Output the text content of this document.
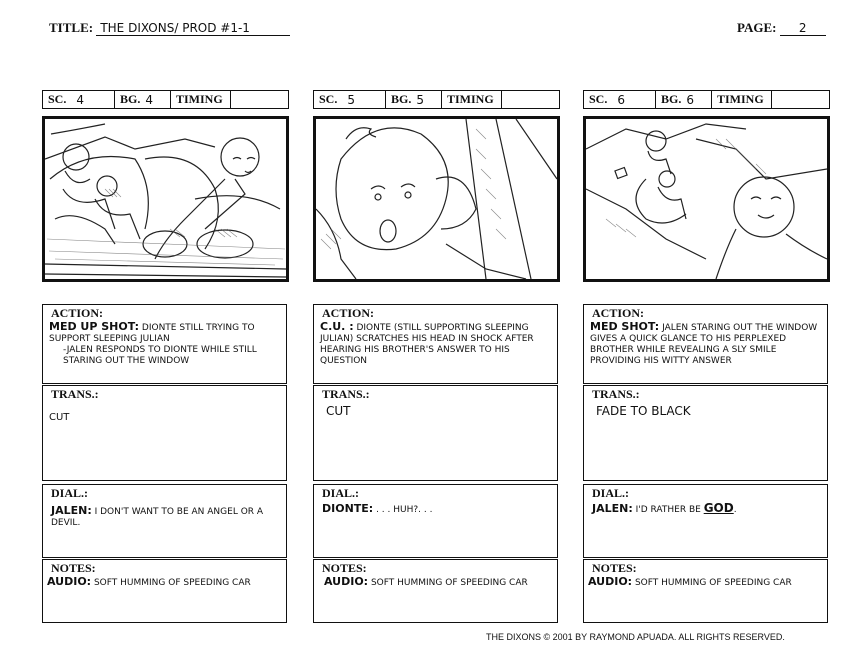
TITLE: THE DIXONS/ PROD #1-1	PAGE: 2
SC. 4	BG. 4 TIMING
ACTION:
MED UP SHOT: DIONTE STILL TRYING TO SUPPORT SLEEPING JULIAN

-JALEN RESPONDS TO DIONTE WHILE STILL STARING OUT THE WINDOW
TRANS.:
CUT
DIAL.:
JALEN: I DON'T WANT TO BE AN ANGEL OR A DEVIL.
NOTES:
AUDIO: SOFT HUMMING OF SPEEDING CAR
SC. 5	BG. 5 TIMING
ACTION:
C.U. : DIONTE (STILL SUPPORTING SLEEPING JULIAN) SCRATCHES HIS HEAD IN SHOCK AFTER HEARING HIS BROTHER'S ANSWER TO HIS QUESTION
TRANS.:
CUT
DIAL.:
DIONTE: . . . HUH?. . .
NOTES:
AUDIO: SOFT HUMMING OF SPEEDING CAR
SC. 6	BG. 6 TIMING
ACTION:
MED SHOT: JALEN STARING OUT THE WINDOW GIVES A QUICK GLANCE TO HIS PERPLEXED BROTHER WHILE REVEALING A SLY SMILE PROVIDING HIS WITTY ANSWER
TRANS.:
FADE TO BLACK
DIAL.:
JALEN: I'D RATHER BE GOD.
NOTES:
AUDIO: SOFT HUMMING OF SPEEDING CAR
THE DIXONS © 2001 BY RAYMOND APUADA. ALL RIGHTS RESERVED.
